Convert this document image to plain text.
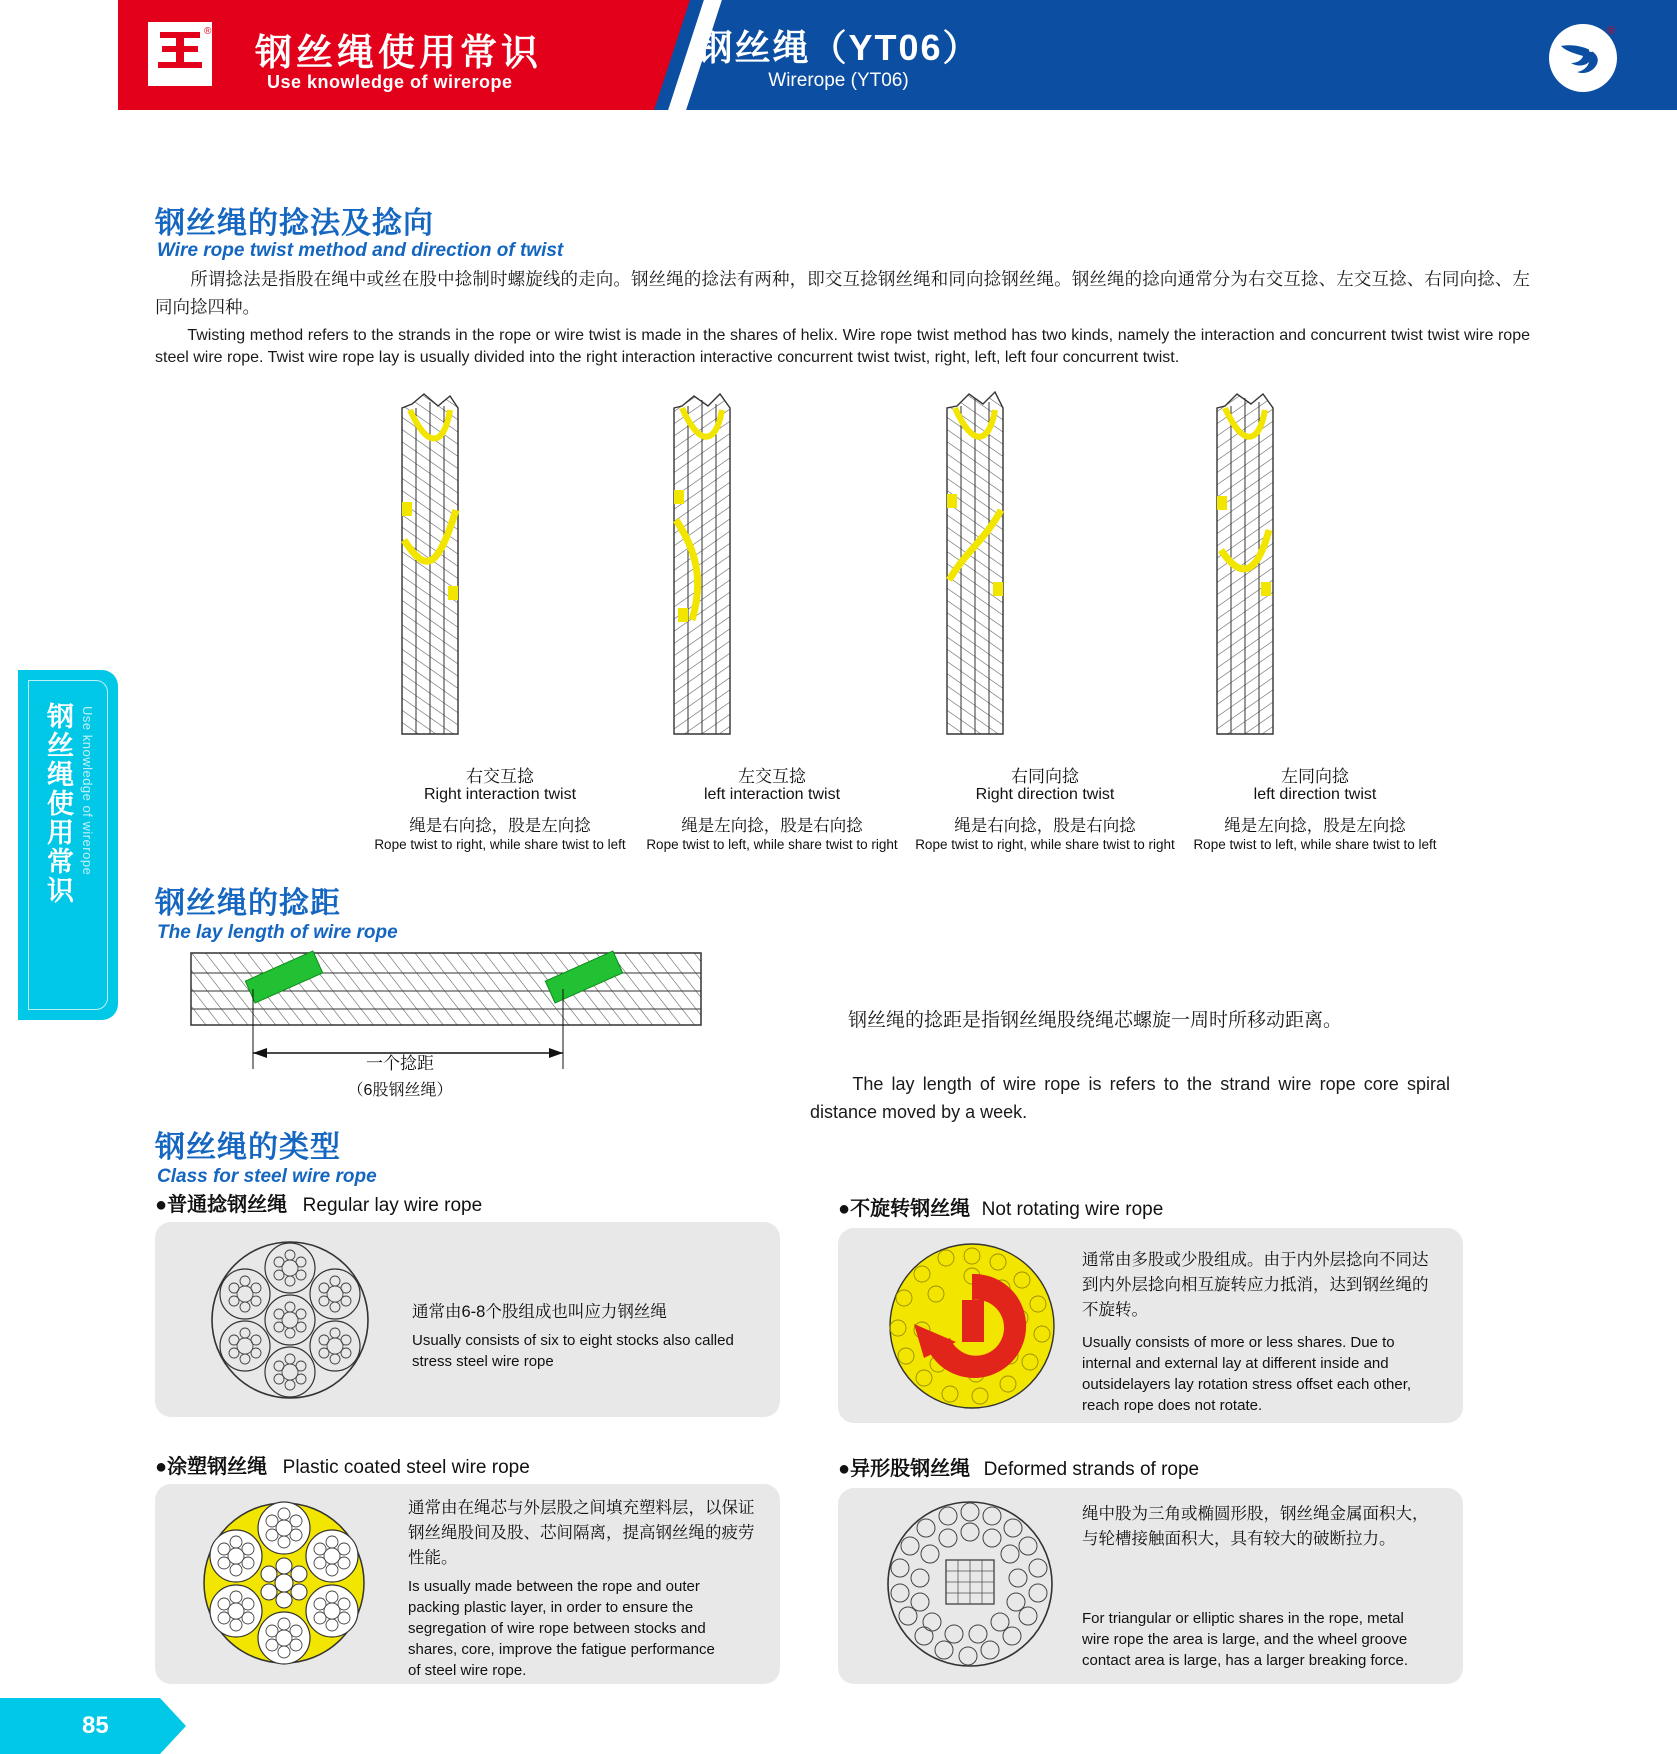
®
钢丝绳使用常识
Use knowledge of wirerope
钢丝绳（YT06）
Wirerope (YT06)
®
钢丝绳使用常识 Use knowledge of wirerope
钢丝绳的捻法及捻向
Wire rope twist method and direction of twist
　　所谓捻法是指股在绳中或丝在股中捻制时螺旋线的走向。钢丝绳的捻法有两种，即交互捻钢丝绳和同向捻钢丝绳。钢丝绳的捻向通常分为右交互捻、左交互捻、右同向捻、左同向捻四种。
　　Twisting method refers to the strands in the rope or wire twist is made in the shares of helix. Wire rope twist method has two kinds, namely the interaction and concurrent twist twist wire rope steel wire rope. Twist wire rope lay is usually divided into the right interaction interactive concurrent twist twist, right, left, left four concurrent twist.
右交互捻
Right interaction twist
绳是右向捻，股是左向捻
Rope twist to right, while share twist to left
左交互捻
left interaction twist
绳是左向捻，股是右向捻
Rope twist to left, while share twist to right
右同向捻
Right direction twist
绳是右向捻，股是右向捻
Rope twist to right, while share twist to right
左同向捻
left direction twist
绳是左向捻，股是左向捻
Rope twist to left, while share twist to left
钢丝绳的捻距
The lay length of wire rope
一个捻距
（6股钢丝绳）
　　钢丝绳的捻距是指钢丝绳股绕绳芯螺旋一周时所移动距离。
　　The lay length of wire rope is refers to the strand wire rope core spiral distance moved by a week.
钢丝绳的类型
Class for steel wire rope
●普通捻钢丝绳 Regular lay wire rope
通常由6-8个股组成也叫应力钢丝绳
Usually consists of six to eight stocks also called stress steel wire rope
●不旋转钢丝绳 Not rotating wire rope
通常由多股或少股组成。由于内外层捻向不同达到内外层捻向相互旋转应力抵消，达到钢丝绳的不旋转。
Usually consists of more or less shares. Due to internal and external lay at different inside and outsidelayers lay rotation stress offset each other, reach rope does not rotate.
●涂塑钢丝绳 Plastic coated steel wire rope
通常由在绳芯与外层股之间填充塑料层，以保证钢丝绳股间及股、芯间隔离，提高钢丝绳的疲劳性能。
Is usually made between the rope and outer packing plastic layer, in order to ensure the segregation of wire rope between stocks and shares, core, improve the fatigue performance of steel wire rope.
●异形股钢丝绳 Deformed strands of rope
绳中股为三角或椭圆形股，钢丝绳金属面积大，与轮槽接触面积大，具有较大的破断拉力。
For triangular or elliptic shares in the rope, metal wire rope the area is large, and the wheel groove contact area is large, has a larger breaking force.
85
